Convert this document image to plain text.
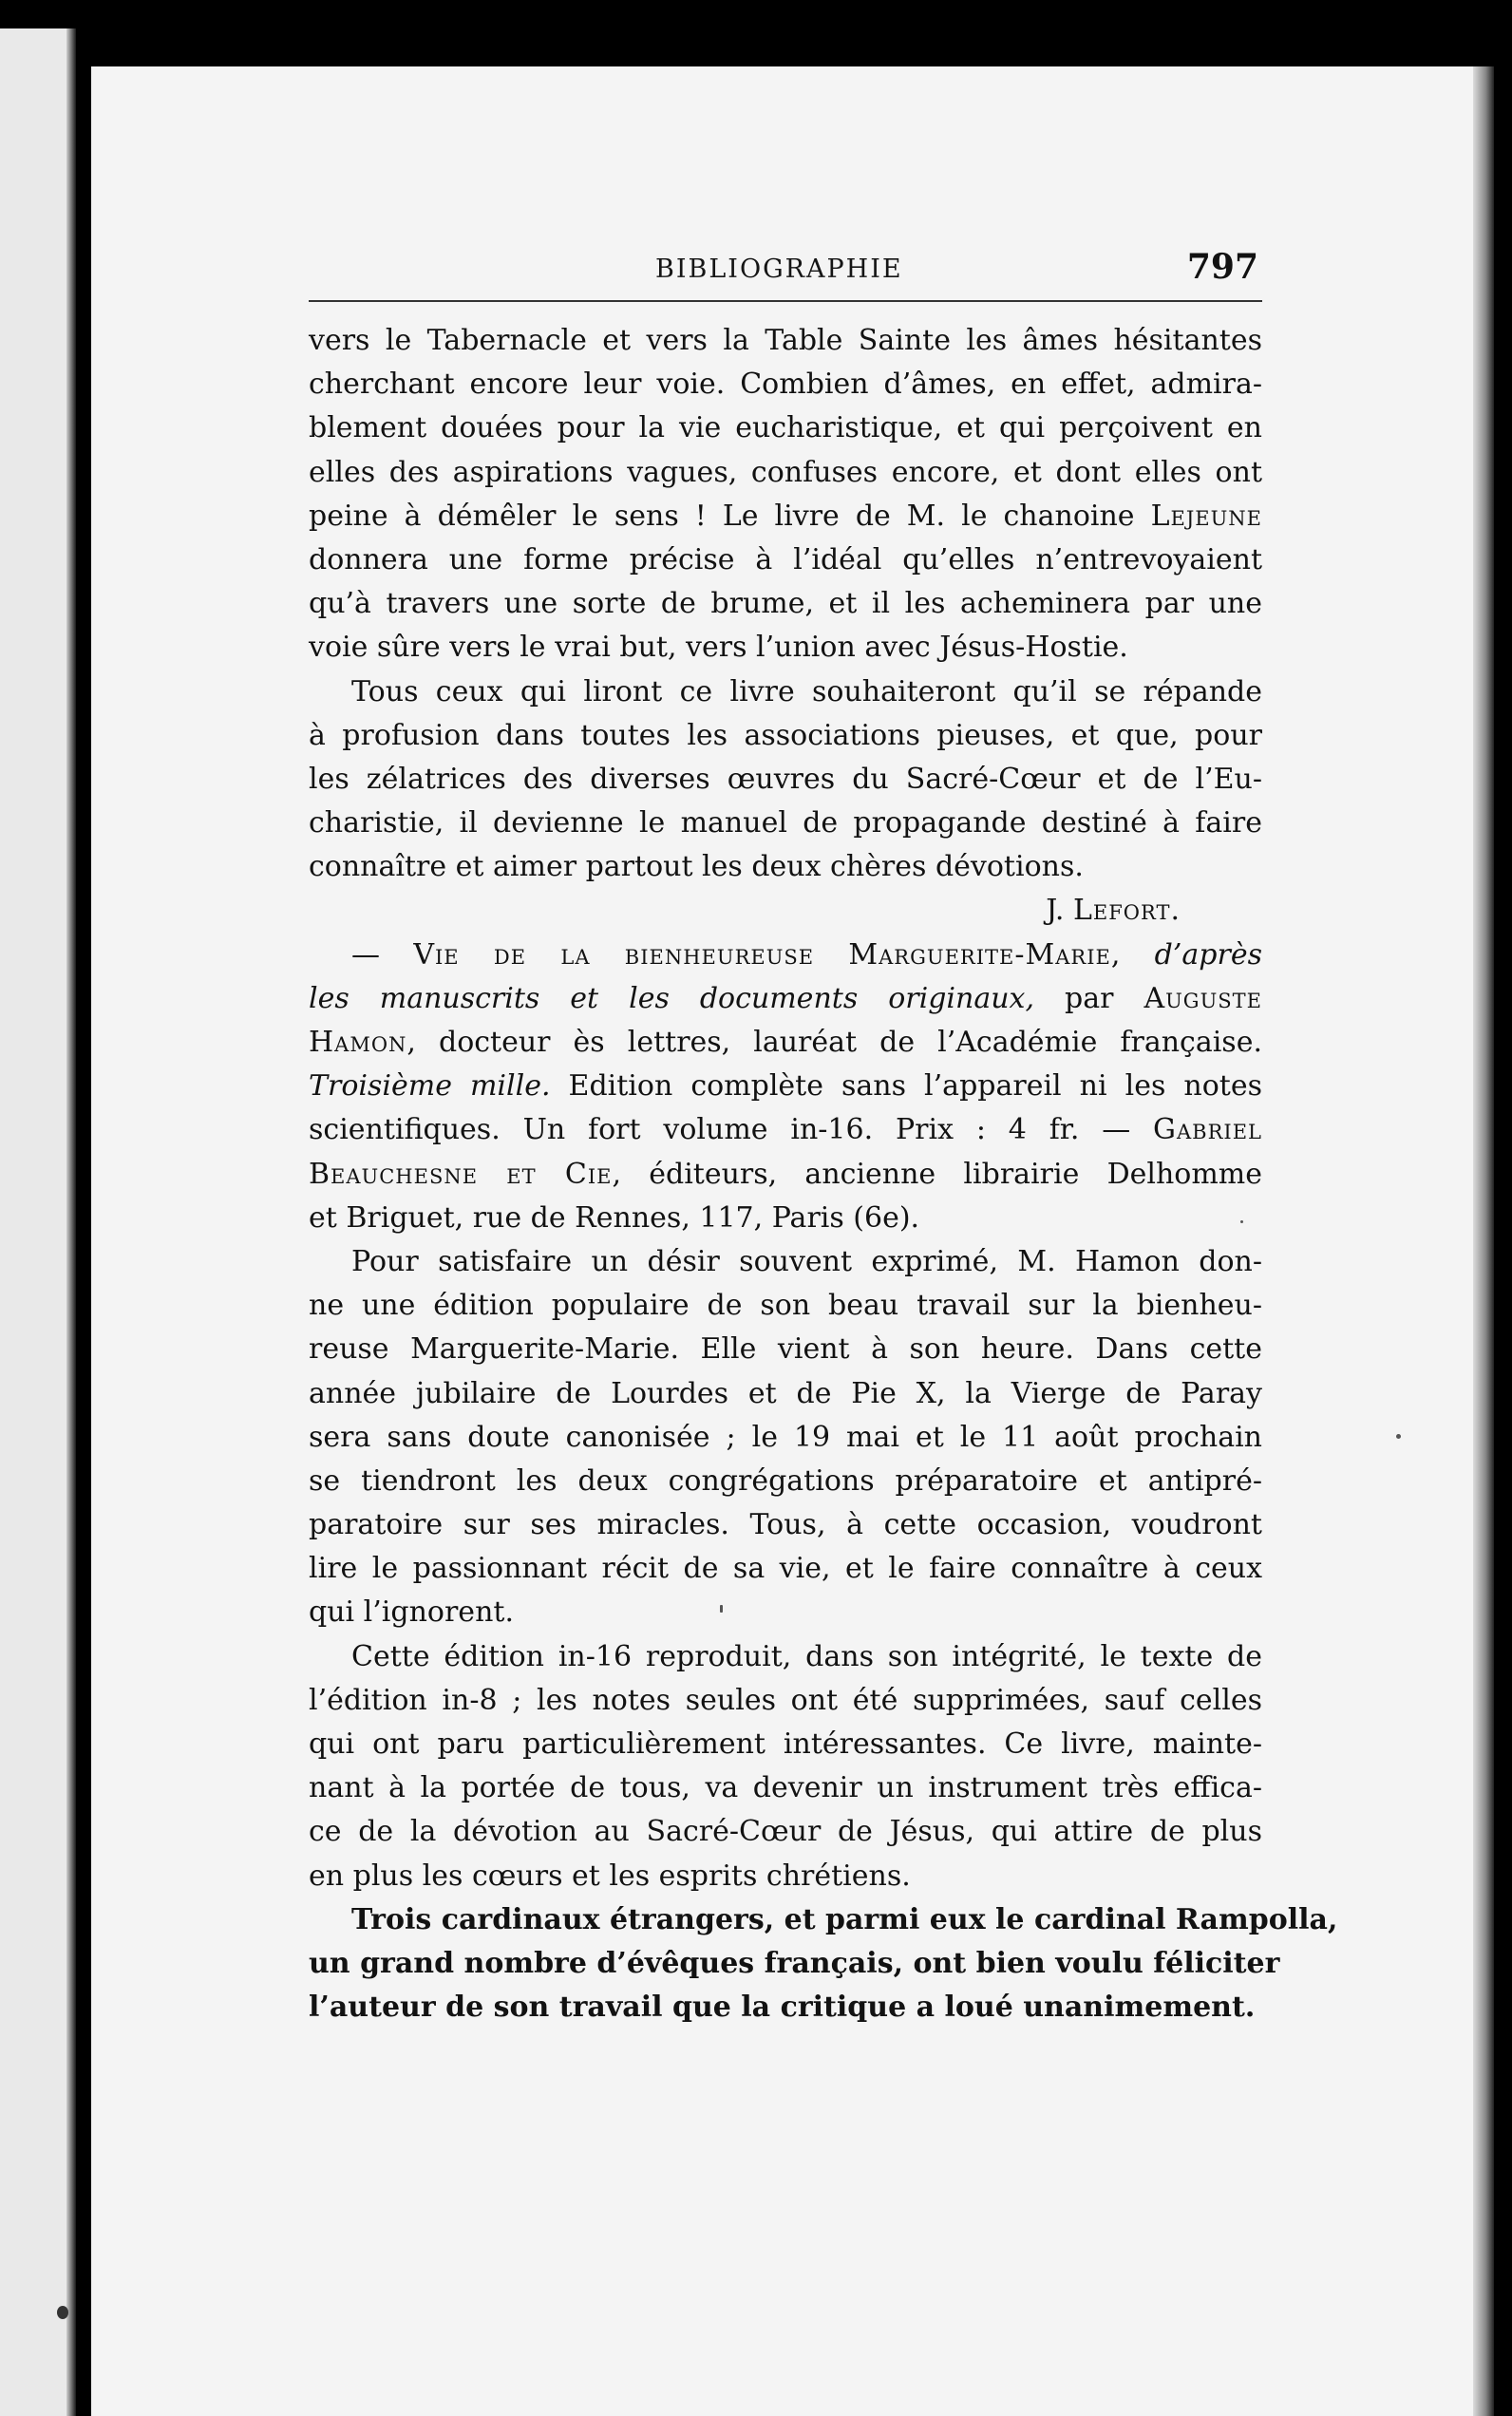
BIBLIOGRAPHIE	797
vers le Tabernacle et vers la Table Sainte les âmes hésitantes
cherchant encore leur voie. Combien d’âmes, en effet, admira-
blement douées pour la vie eucharistique, et qui perçoivent en
elles des aspirations vagues, confuses encore, et dont elles ont
peine à démêler le sens ! Le livre de M. le chanoine Lejeune
donnera une forme précise à l’idéal qu’elles n’entrevoyaient
qu’à travers une sorte de brume, et il les acheminera par une
voie sûre vers le vrai but, vers l’union avec Jésus-Hostie.
Tous ceux qui liront ce livre souhaiteront qu’il se répande
à profusion dans toutes les associations pieuses, et que, pour
les zélatrices des diverses œuvres du Sacré-Cœur et de l’Eu-
charistie, il devienne le manuel de propagande destiné à faire
connaître et aimer partout les deux chères dévotions.
J. Lefort.
— Vie de la bienheureuse Marguerite-Marie, d’après
les manuscrits et les documents originaux, par Auguste
Hamon, docteur ès lettres, lauréat de l’Académie française.
Troisième mille. Edition complète sans l’appareil ni les notes
scientifiques. Un fort volume in-16. Prix : 4 fr. — Gabriel
Beauchesne et Cie, éditeurs, ancienne librairie Delhomme
et Briguet, rue de Rennes, 117, Paris (6e).
Pour satisfaire un désir souvent exprimé, M. Hamon don-
ne une édition populaire de son beau travail sur la bienheu-
reuse Marguerite-Marie. Elle vient à son heure. Dans cette
année jubilaire de Lourdes et de Pie X, la Vierge de Paray
sera sans doute canonisée ; le 19 mai et le 11 août prochain
se tiendront les deux congrégations préparatoire et antipré-
paratoire sur ses miracles. Tous, à cette occasion, voudront
lire le passionnant récit de sa vie, et le faire connaître à ceux
qui l’ignorent.
Cette édition in-16 reproduit, dans son intégrité, le texte de
l’édition in-8 ; les notes seules ont été supprimées, sauf celles
qui ont paru particulièrement intéressantes. Ce livre, mainte-
nant à la portée de tous, va devenir un instrument très effica-
ce de la dévotion au Sacré-Cœur de Jésus, qui attire de plus
en plus les cœurs et les esprits chrétiens.
Trois cardinaux étrangers, et parmi eux le cardinal Rampolla,
un grand nombre d’évêques français, ont bien voulu féliciter
l’auteur de son travail que la critique a loué unanimement.
